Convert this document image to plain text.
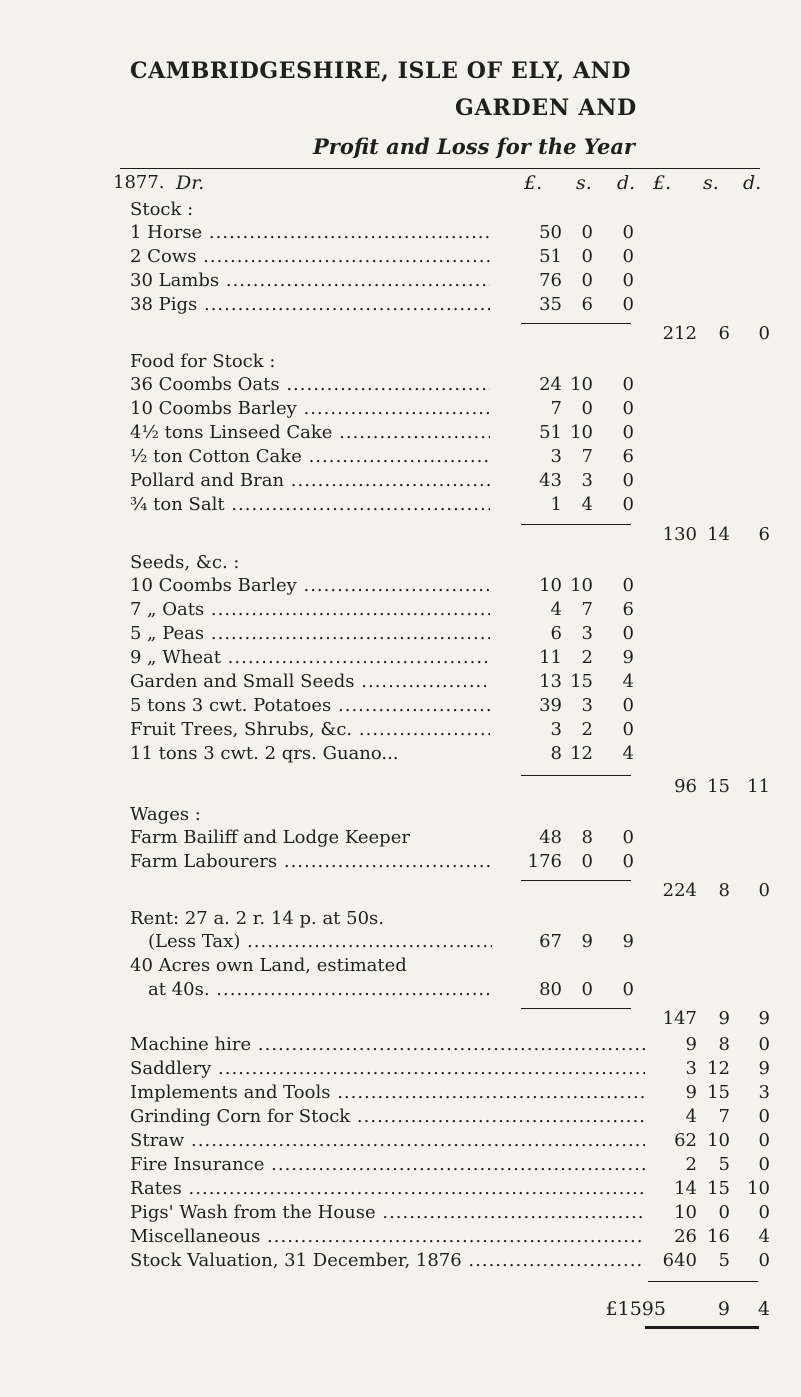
CAMBRIDGESHIRE, ISLE OF ELY, AND
GARDEN AND
Profit and Loss for the Year
1877. Dr.	£. s. d. £. s. d.
Stock :
1 Horse .....	50	0	0
2 Cows .....	51	0	0
30 Lambs .....	76	0	0
38 Pigs .....	35	6	0
212	6	0
Food for Stock :
36 Coombs Oats .....	24 10	0
10 Coombs Barley .....	7	0	0
4½ tons Linseed Cake .....	51 10	0
½ ton Cotton Cake .....	3	7	6
Pollard and Bran .....	43	3	0
¾ ton Salt .....	1	4	0
130 14	6
Seeds, &c. :
10 Coombs Barley .....	10 10	0
7 „ Oats .....	4	7	6
5 „ Peas .....	6	3	0
9 „ Wheat .....	11	2	9
Garden and Small Seeds .....	13 15	4
5 tons 3 cwt. Potatoes .....	39	3	0
Fruit Trees, Shrubs, &c. .....	3	2	0
11 tons 3 cwt. 2 qrs. Guano...	8 12	4
96 15 11
Wages :
Farm Bailiff and Lodge Keeper	48	8	0
Farm Labourers .....	176	0	0
224	8	0
Rent: 27 a. 2 r. 14 p. at 50s.
(Less Tax) .....	67	9	9
40 Acres own Land, estimated
at 40s. .....	80	0	0
147	9	9
Machine hire .....	9	8	0
Saddlery .....	3 12	9
Implements and Tools .....	9 15	3
Grinding Corn for Stock .....	4	7	0
Straw .....	62 10	0
Fire Insurance .....	2	5	0
Rates .....	14 15 10
Pigs' Wash from the House .....	10	0	0
Miscellaneous .....	26 16	4
Stock Valuation, 31 December, 1876 .....	640	5	0
£1595	9	4
